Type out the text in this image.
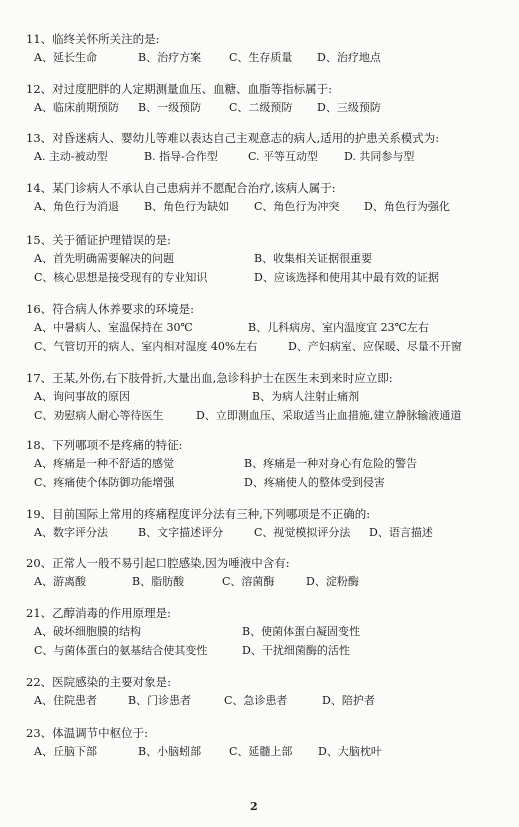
11、临终关怀所关注的是:
A、延长生命	B、治疗方案	C、生存质量 D、治疗地点
12、对过度肥胖的人定期测量血压、血糖、血脂等指标属于:
A、临床前期预防 B、一级预防	C、二级预防 D、三级预防
13、对昏迷病人、婴幼儿等难以表达自己主观意志的病人,适用的护患关系模式为:
A. 主动-被动型	B. 指导-合作型	C. 平等互动型 D. 共同参与型
14、某门诊病人不承认自己患病并不愿配合治疗,该病人属于:
A、角色行为消退 B、角色行为缺如 C、角色行为冲突 D、角色行为强化
15、关于循证护理错误的是:
A、首先明确需要解决的问题	B、收集相关证据很重要
C、核心思想是接受现有的专业知识	D、应该选择和使用其中最有效的证据
16、符合病人休养要求的环境是:
A、中暑病人、室温保持在 30℃	B、儿科病房、室内温度宜 23℃左右
C、气管切开的病人、室内相对湿度 40%左右	D、产妇病室、应保暖、尽量不开窗
17、王某,外伤,右下肢骨折,大量出血,急诊科护士在医生未到来时应立即:
A、询问事故的原因	B、为病人注射止痛剂
C、劝慰病人耐心等待医生	D、立即测血压、采取适当止血措施,建立静脉输液通道
18、下列哪项不是疼痛的特征:
A、疼痛是一种不舒适的感觉	B、疼痛是一种对身心有危险的警告
C、疼痛使个体防御功能增强	D、疼痛使人的整体受到侵害
19、目前国际上常用的疼痛程度评分法有三种,下列哪项是不正确的:
A、数字评分法	B、文字描述评分	C、视觉模拟评分法 D、语言描述
20、正常人一般不易引起口腔感染,因为唾液中含有:
A、游离酸	B、脂肪酸	C、溶菌酶	D、淀粉酶
21、乙醇消毒的作用原理是:
A、破坏细胞膜的结构	B、使菌体蛋白凝固变性
C、与菌体蛋白的氨基结合使其变性	D、干扰细菌酶的活性
22、医院感染的主要对象是:
A、住院患者	B、门诊患者	C、急诊患者	D、陪护者
23、体温调节中枢位于:
A、丘脑下部	B、小脑蚓部	C、延髓上部 D、大脑枕叶
2
